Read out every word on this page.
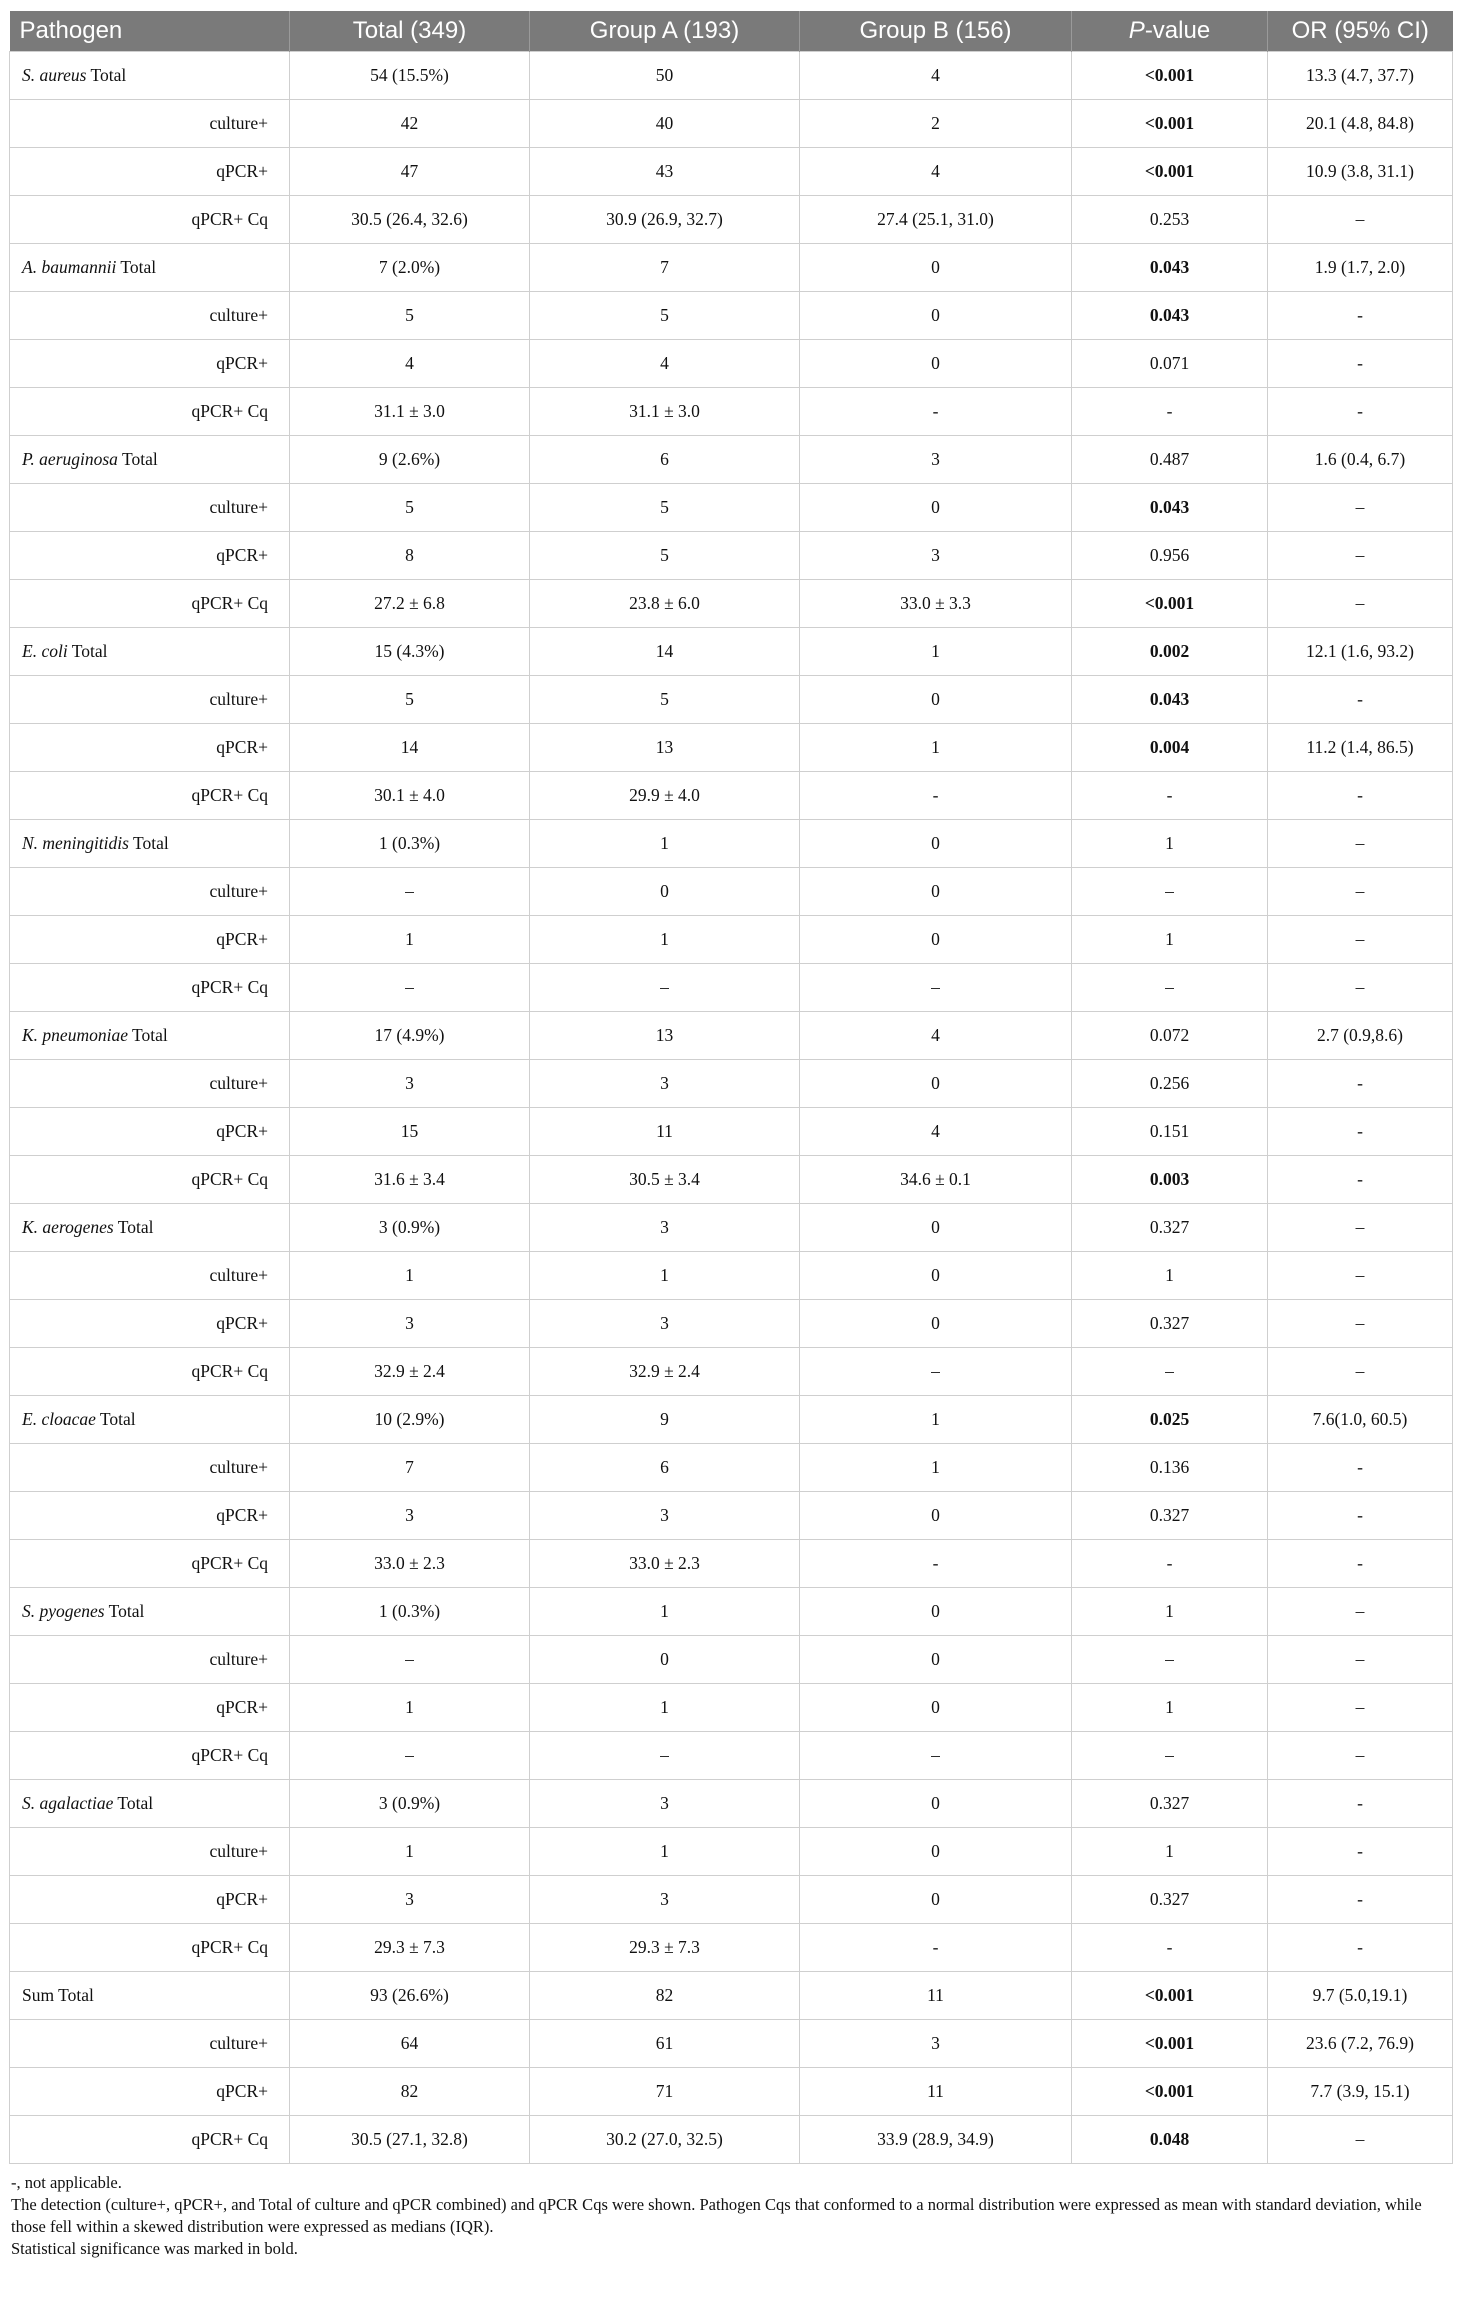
Pathogen	Total (349)	Group A (193)	Group B (156)	P-value	OR (95% CI)
S. aureus Total	54 (15.5%)	50	4	<0.001	13.3 (4.7, 37.7)

culture+	42	40	2	<0.001	20.1 (4.8, 84.8)

qPCR+	47	43	4	<0.001	10.9 (3.8, 31.1)

qPCR+ Cq	30.5 (26.4, 32.6)	30.9 (26.9, 32.7)	27.4 (25.1, 31.0)	0.253	–
A. baumannii Total	7 (2.0%)	7	0	0.043	1.9 (1.7, 2.0)

culture+	5	5	0	0.043	-

qPCR+	4	4	0	0.071	-

qPCR+ Cq	31.1 ± 3.0	31.1 ± 3.0	-	-	-
P. aeruginosa Total	9 (2.6%)	6	3	0.487	1.6 (0.4, 6.7)

culture+	5	5	0	0.043	–

qPCR+	8	5	3	0.956	–

qPCR+ Cq	27.2 ± 6.8	23.8 ± 6.0	33.0 ± 3.3	<0.001	–
E. coli Total	15 (4.3%)	14	1	0.002	12.1 (1.6, 93.2)

culture+	5	5	0	0.043	-

qPCR+	14	13	1	0.004	11.2 (1.4, 86.5)

qPCR+ Cq	30.1 ± 4.0	29.9 ± 4.0	-	-	-
N. meningitidis Total	1 (0.3%)	1	0	1	–

culture+	–	0	0	–	–

qPCR+	1	1	0	1	–

qPCR+ Cq	–	–	–	–	–
K. pneumoniae Total	17 (4.9%)	13	4	0.072	2.7 (0.9,8.6)

culture+	3	3	0	0.256	-

qPCR+	15	11	4	0.151	-

qPCR+ Cq	31.6 ± 3.4	30.5 ± 3.4	34.6 ± 0.1	0.003	-
K. aerogenes Total	3 (0.9%)	3	0	0.327	–

culture+	1	1	0	1	–

qPCR+	3	3	0	0.327	–

qPCR+ Cq	32.9 ± 2.4	32.9 ± 2.4	–	–	–
E. cloacae Total	10 (2.9%)	9	1	0.025	7.6(1.0, 60.5)

culture+	7	6	1	0.136	-

qPCR+	3	3	0	0.327	-

qPCR+ Cq	33.0 ± 2.3	33.0 ± 2.3	-	-	-
S. pyogenes Total	1 (0.3%)	1	0	1	–

culture+	–	0	0	–	–

qPCR+	1	1	0	1	–

qPCR+ Cq	–	–	–	–	–
S. agalactiae Total	3 (0.9%)	3	0	0.327	-

culture+	1	1	0	1	-

qPCR+	3	3	0	0.327	-

qPCR+ Cq	29.3 ± 7.3	29.3 ± 7.3	-	-	-
Sum Total	93 (26.6%)	82	11	<0.001	9.7 (5.0,19.1)

culture+	64	61	3	<0.001	23.6 (7.2, 76.9)

qPCR+	82	71	11	<0.001	7.7 (3.9, 15.1)

qPCR+ Cq	30.5 (27.1, 32.8)	30.2 (27.0, 32.5)	33.9 (28.9, 34.9)	0.048	–
-, not applicable.
The detection (culture+, qPCR+, and Total of culture and qPCR combined) and qPCR Cqs were shown. Pathogen Cqs that conformed to a normal distribution were expressed as mean with standard deviation, while those fell within a skewed distribution were expressed as medians (IQR).
Statistical significance was marked in bold.
